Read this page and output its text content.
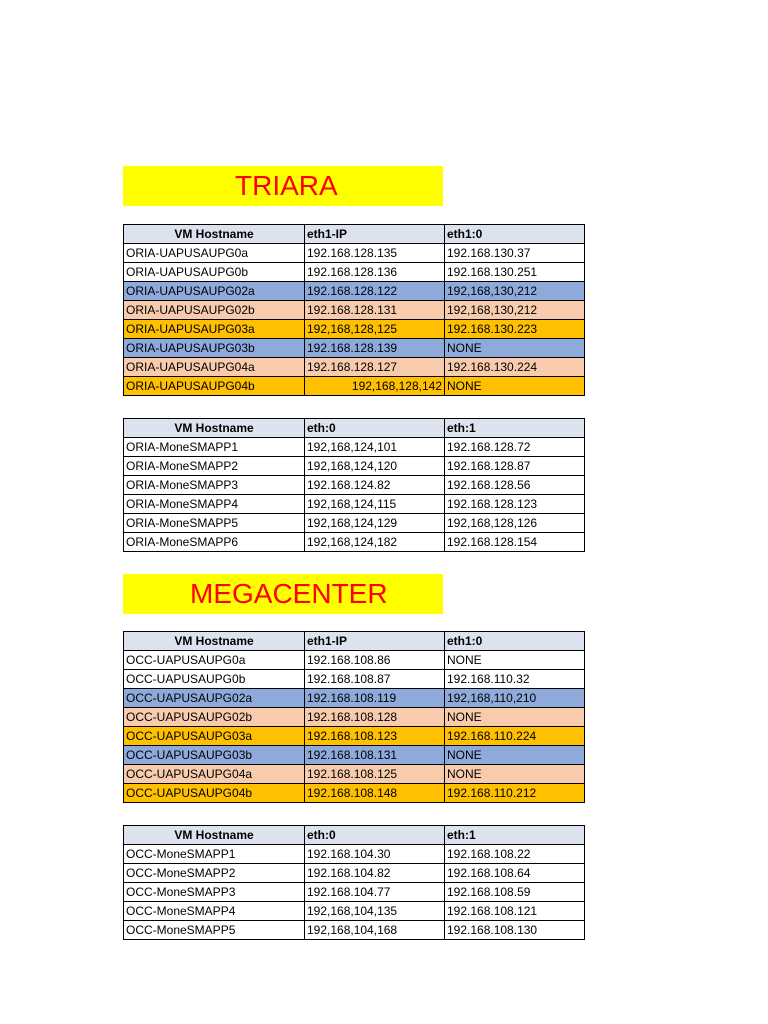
TRIARA
VM Hostname	eth1-IP	eth1:0
ORIA-UAPUSAUPG0a	192.168.128.135	192.168.130.37
ORIA-UAPUSAUPG0b	192.168.128.136	192.168.130.251
ORIA-UAPUSAUPG02a	192.168.128.122	192,168,130,212
ORIA-UAPUSAUPG02b	192.168.128.131	192,168,130,212
ORIA-UAPUSAUPG03a	192,168,128,125	192.168.130.223
ORIA-UAPUSAUPG03b	192.168.128.139	NONE
ORIA-UAPUSAUPG04a	192.168.128.127	192.168.130.224
ORIA-UAPUSAUPG04b	192,168,128,142	NONE
VM Hostname	eth:0	eth:1
ORIA-MoneSMAPP1	192,168,124,101	192.168.128.72
ORIA-MoneSMAPP2	192,168,124,120	192.168.128.87
ORIA-MoneSMAPP3	192.168.124.82	192.168.128.56
ORIA-MoneSMAPP4	192,168,124,115	192.168.128.123
ORIA-MoneSMAPP5	192,168,124,129	192,168,128,126
ORIA-MoneSMAPP6	192,168,124,182	192.168.128.154
MEGACENTER
VM Hostname	eth1-IP	eth1:0
OCC-UAPUSAUPG0a	192.168.108.86	NONE
OCC-UAPUSAUPG0b	192.168.108.87	192.168.110.32
OCC-UAPUSAUPG02a	192.168.108.119	192,168,110,210
OCC-UAPUSAUPG02b	192.168.108.128	NONE
OCC-UAPUSAUPG03a	192.168.108.123	192.168.110.224
OCC-UAPUSAUPG03b	192.168.108.131	NONE
OCC-UAPUSAUPG04a	192.168.108.125	NONE
OCC-UAPUSAUPG04b	192.168.108.148	192.168.110.212
VM Hostname	eth:0	eth:1
OCC-MoneSMAPP1	192.168.104.30	192.168.108.22
OCC-MoneSMAPP2	192.168.104.82	192.168.108.64
OCC-MoneSMAPP3	192.168.104.77	192.168.108.59
OCC-MoneSMAPP4	192,168,104,135	192.168.108.121
OCC-MoneSMAPP5	192,168,104,168	192.168.108.130
